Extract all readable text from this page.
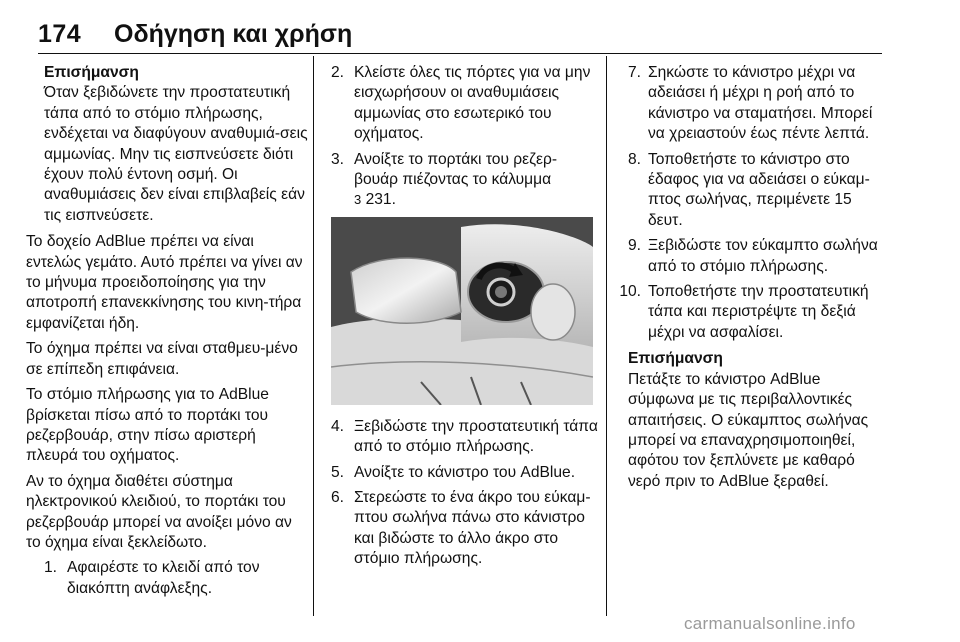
174 Οδήγηση και χρήση
Επισήμανση
Όταν ξεβιδώνετε την προστατευτική τάπα από το στόμιο πλήρωσης, ενδέχεται να διαφύγουν αναθυμιά-σεις αμμωνίας. Μην τις εισπνεύσετε διότι έχουν πολύ έντονη οσμή. Οι αναθυμιάσεις δεν είναι επιβλαβείς εάν τις εισπνεύσετε.

Το δοχείο AdBlue πρέπει να είναι εντελώς γεμάτο. Αυτό πρέπει να γίνει αν το μήνυμα προειδοποίησης για την αποτροπή επανεκκίνησης του κινη-τήρα εμφανίζεται ήδη.

Το όχημα πρέπει να είναι σταθμευ-μένο σε επίπεδη επιφάνεια.

Το στόμιο πλήρωσης για το AdBlue βρίσκεται πίσω από το πορτάκι του ρεζερβουάρ, στην πίσω αριστερή πλευρά του οχήματος.

Αν το όχημα διαθέτει σύστημα ηλεκτρονικού κλειδιού, το πορτάκι του ρεζερβουάρ μπορεί να ανοίξει μόνο αν το όχημα είναι ξεκλείδωτο.

1. Αφαιρέστε το κλειδί από τον διακόπτη ανάφλεξης.
2. Κλείστε όλες τις πόρτες για να μην εισχωρήσουν οι αναθυμιάσεις αμμωνίας στο εσωτερικό του οχήματος.
3. Ανοίξτε το πορτάκι του ρεζερ-βουάρ πιέζοντας το κάλυμμα
3 231.
4. Ξεβιδώστε την προστατευτική τάπα από το στόμιο πλήρωσης.
5. Ανοίξτε το κάνιστρο του AdBlue.
6. Στερεώστε το ένα άκρο του εύκαμ-πτου σωλήνα πάνω στο κάνιστρο και βιδώστε το άλλο άκρο στο στόμιο πλήρωσης.
7. Σηκώστε το κάνιστρο μέχρι να αδειάσει ή μέχρι η ροή από το κάνιστρο να σταματήσει. Μπορεί να χρειαστούν έως πέντε λεπτά.
8. Τοποθετήστε το κάνιστρο στο έδαφος για να αδειάσει ο εύκαμ-πτος σωλήνας, περιμένετε 15 δευτ.
9. Ξεβιδώστε τον εύκαμπτο σωλήνα από το στόμιο πλήρωσης.
10. Τοποθετήστε την προστατευτική τάπα και περιστρέψτε τη δεξιά μέχρι να ασφαλίσει.
Επισήμανση
Πετάξτε το κάνιστρο AdBlue σύμφωνα με τις περιβαλλοντικές απαιτήσεις. Ο εύκαμπτος σωλήνας μπορεί να επαναχρησιμοποιηθεί, αφότου τον ξεπλύνετε με καθαρό νερό πριν το AdBlue ξεραθεί.
carmanualsonline.info
